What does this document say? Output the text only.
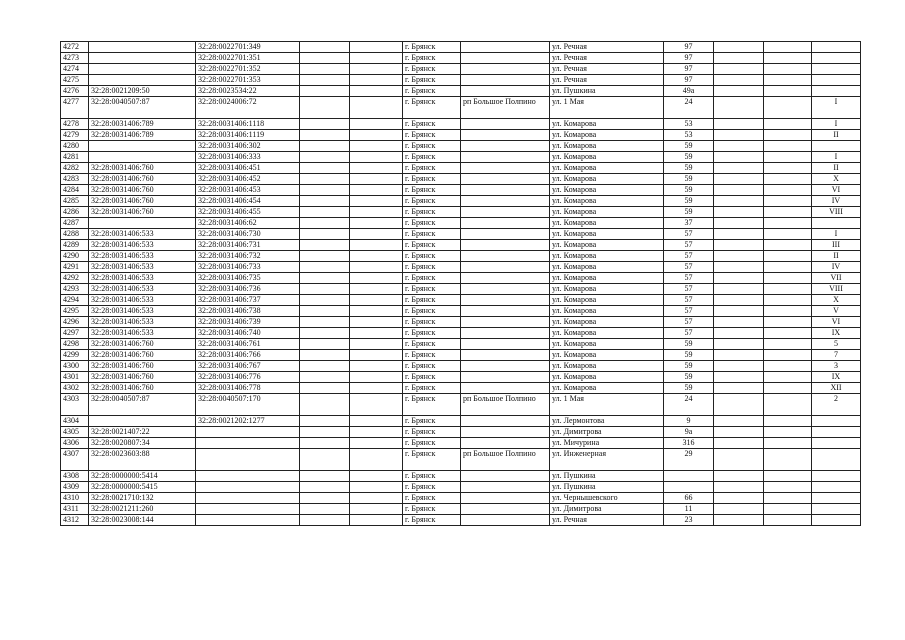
4272		32:28:0022701:349			г. Брянск		ул. Речная	97			
4273		32:28:0022701:351			г. Брянск		ул. Речная	97			
4274		32:28:0022701:352			г. Брянск		ул. Речная	97			
4275		32:28:0022701:353			г. Брянск		ул. Речная	97			
4276	32:28:0021209:50	32:28:0023534:22			г. Брянск		ул. Пушкина	49а			
4277	32:28:0040507:87	32:28:0024006:72			г. Брянск	рп Большое Полпино	ул. 1 Мая	24			I
4278	32:28:0031406:789	32:28:0031406:1118			г. Брянск		ул. Комарова	53			I
4279	32:28:0031406:789	32:28:0031406:1119			г. Брянск		ул. Комарова	53			II
4280		32:28:0031406:302			г. Брянск		ул. Комарова	59			
4281		32:28:0031406:333			г. Брянск		ул. Комарова	59			I
4282	32:28:0031406:760	32:28:0031406:451			г. Брянск		ул. Комарова	59			II
4283	32:28:0031406:760	32:28:0031406:452			г. Брянск		ул. Комарова	59			X
4284	32:28:0031406:760	32:28:0031406:453			г. Брянск		ул. Комарова	59			VI
4285	32:28:0031406:760	32:28:0031406:454			г. Брянск		ул. Комарова	59			IV
4286	32:28:0031406:760	32:28:0031406:455			г. Брянск		ул. Комарова	59			VIII
4287		32:28:0031406:62			г. Брянск		ул. Комарова	37			
4288	32:28:0031406:533	32:28:0031406:730			г. Брянск		ул. Комарова	57			I
4289	32:28:0031406:533	32:28:0031406:731			г. Брянск		ул. Комарова	57			III
4290	32:28:0031406:533	32:28:0031406:732			г. Брянск		ул. Комарова	57			II
4291	32:28:0031406:533	32:28:0031406:733			г. Брянск		ул. Комарова	57			IV
4292	32:28:0031406:533	32:28:0031406:735			г. Брянск		ул. Комарова	57			VII
4293	32:28:0031406:533	32:28:0031406:736			г. Брянск		ул. Комарова	57			VIII
4294	32:28:0031406:533	32:28:0031406:737			г. Брянск		ул. Комарова	57			X
4295	32:28:0031406:533	32:28:0031406:738			г. Брянск		ул. Комарова	57			V
4296	32:28:0031406:533	32:28:0031406:739			г. Брянск		ул. Комарова	57			VI
4297	32:28:0031406:533	32:28:0031406:740			г. Брянск		ул. Комарова	57			IX
4298	32:28:0031406:760	32:28:0031406:761			г. Брянск		ул. Комарова	59			5
4299	32:28:0031406:760	32:28:0031406:766			г. Брянск		ул. Комарова	59			7
4300	32:28:0031406:760	32:28:0031406:767			г. Брянск		ул. Комарова	59			3
4301	32:28:0031406:760	32:28:0031406:776			г. Брянск		ул. Комарова	59			IX
4302	32:28:0031406:760	32:28:0031406:778			г. Брянск		ул. Комарова	59			XII
4303	32:28:0040507:87	32:28:0040507:170			г. Брянск	рп Большое Полпино	ул. 1 Мая	24			2
4304		32:28:0021202:1277			г. Брянск		ул. Лермонтова	9			
4305	32:28:0021407:22				г. Брянск		ул. Димитрова	9а			
4306	32:28:0020807:34				г. Брянск		ул. Мичурина	316			
4307	32:28:0023603:88				г. Брянск	рп Большое Полпино	ул. Инженерная	29			
4308	32:28:0000000:5414				г. Брянск		ул. Пушкина				
4309	32:28:0000000:5415				г. Брянск		ул. Пушкина				
4310	32:28:0021710:132				г. Брянск		ул. Чернышевского	66			
4311	32:28:0021211:260				г. Брянск		ул. Димитрова	11			
4312	32:28:0023008:144				г. Брянск		ул. Речная	23			
